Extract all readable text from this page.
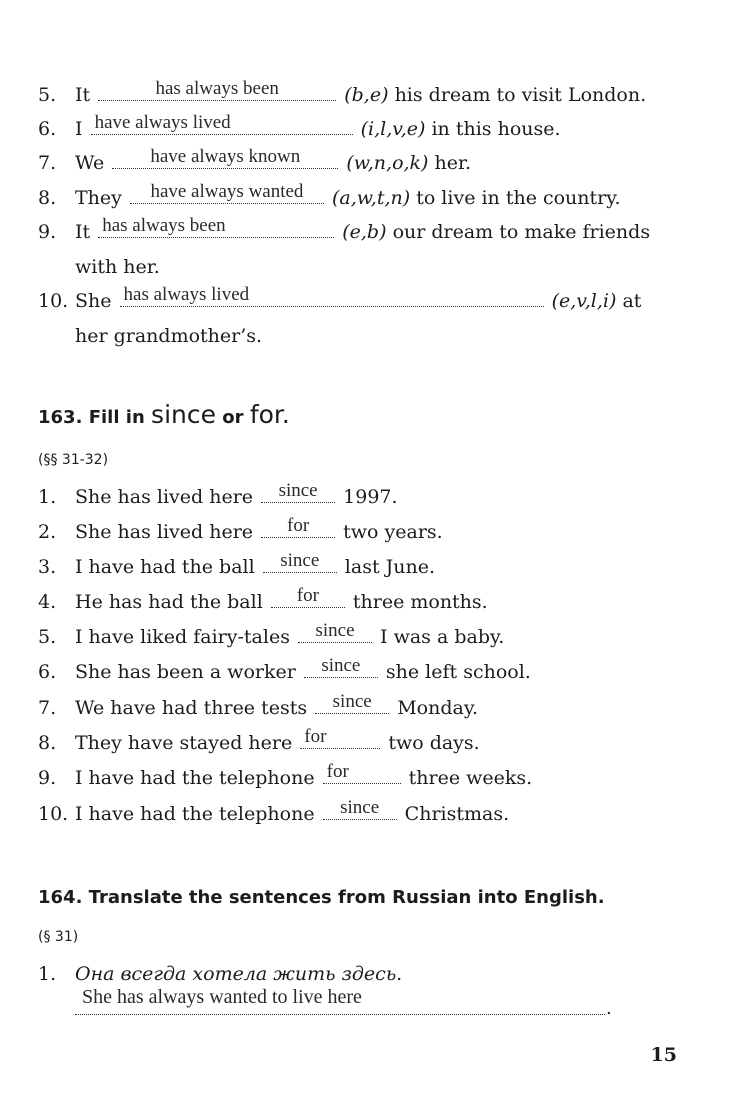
5. It	has always been	(b,e) his dream to visit London.
6. I have always lived	(i,l,v,e) in this house.
7. We	have always known	(w,n,o,k) her.
8. They	have always wanted	(a,w,t,n) to live in the country.
9. It has always been	(e,b) our dream to make friends
with her.
10. She has always lived	(e,v,l,i) at
her grandmother’s.
163. Fill in since or for.
(§§ 31-32)
1. She has lived here	since	1997.
2. She has lived here	for	two years.
3. I have had the ball	since	last June.
4. He has had the ball	for	three months.
5. I have liked fairy-tales	since	I was a baby.
6. She has been a worker	since	she left school.
7. We have had three tests	since	Monday.
8. They have stayed here for	two days.
9. I have had the telephone for	three weeks.
10. I have had the telephone	since	Christmas.
164. Translate the sentences from Russian into English.
(§ 31)
1. Она всегда хотела жить здесь.
She has always wanted to live here
.
15
